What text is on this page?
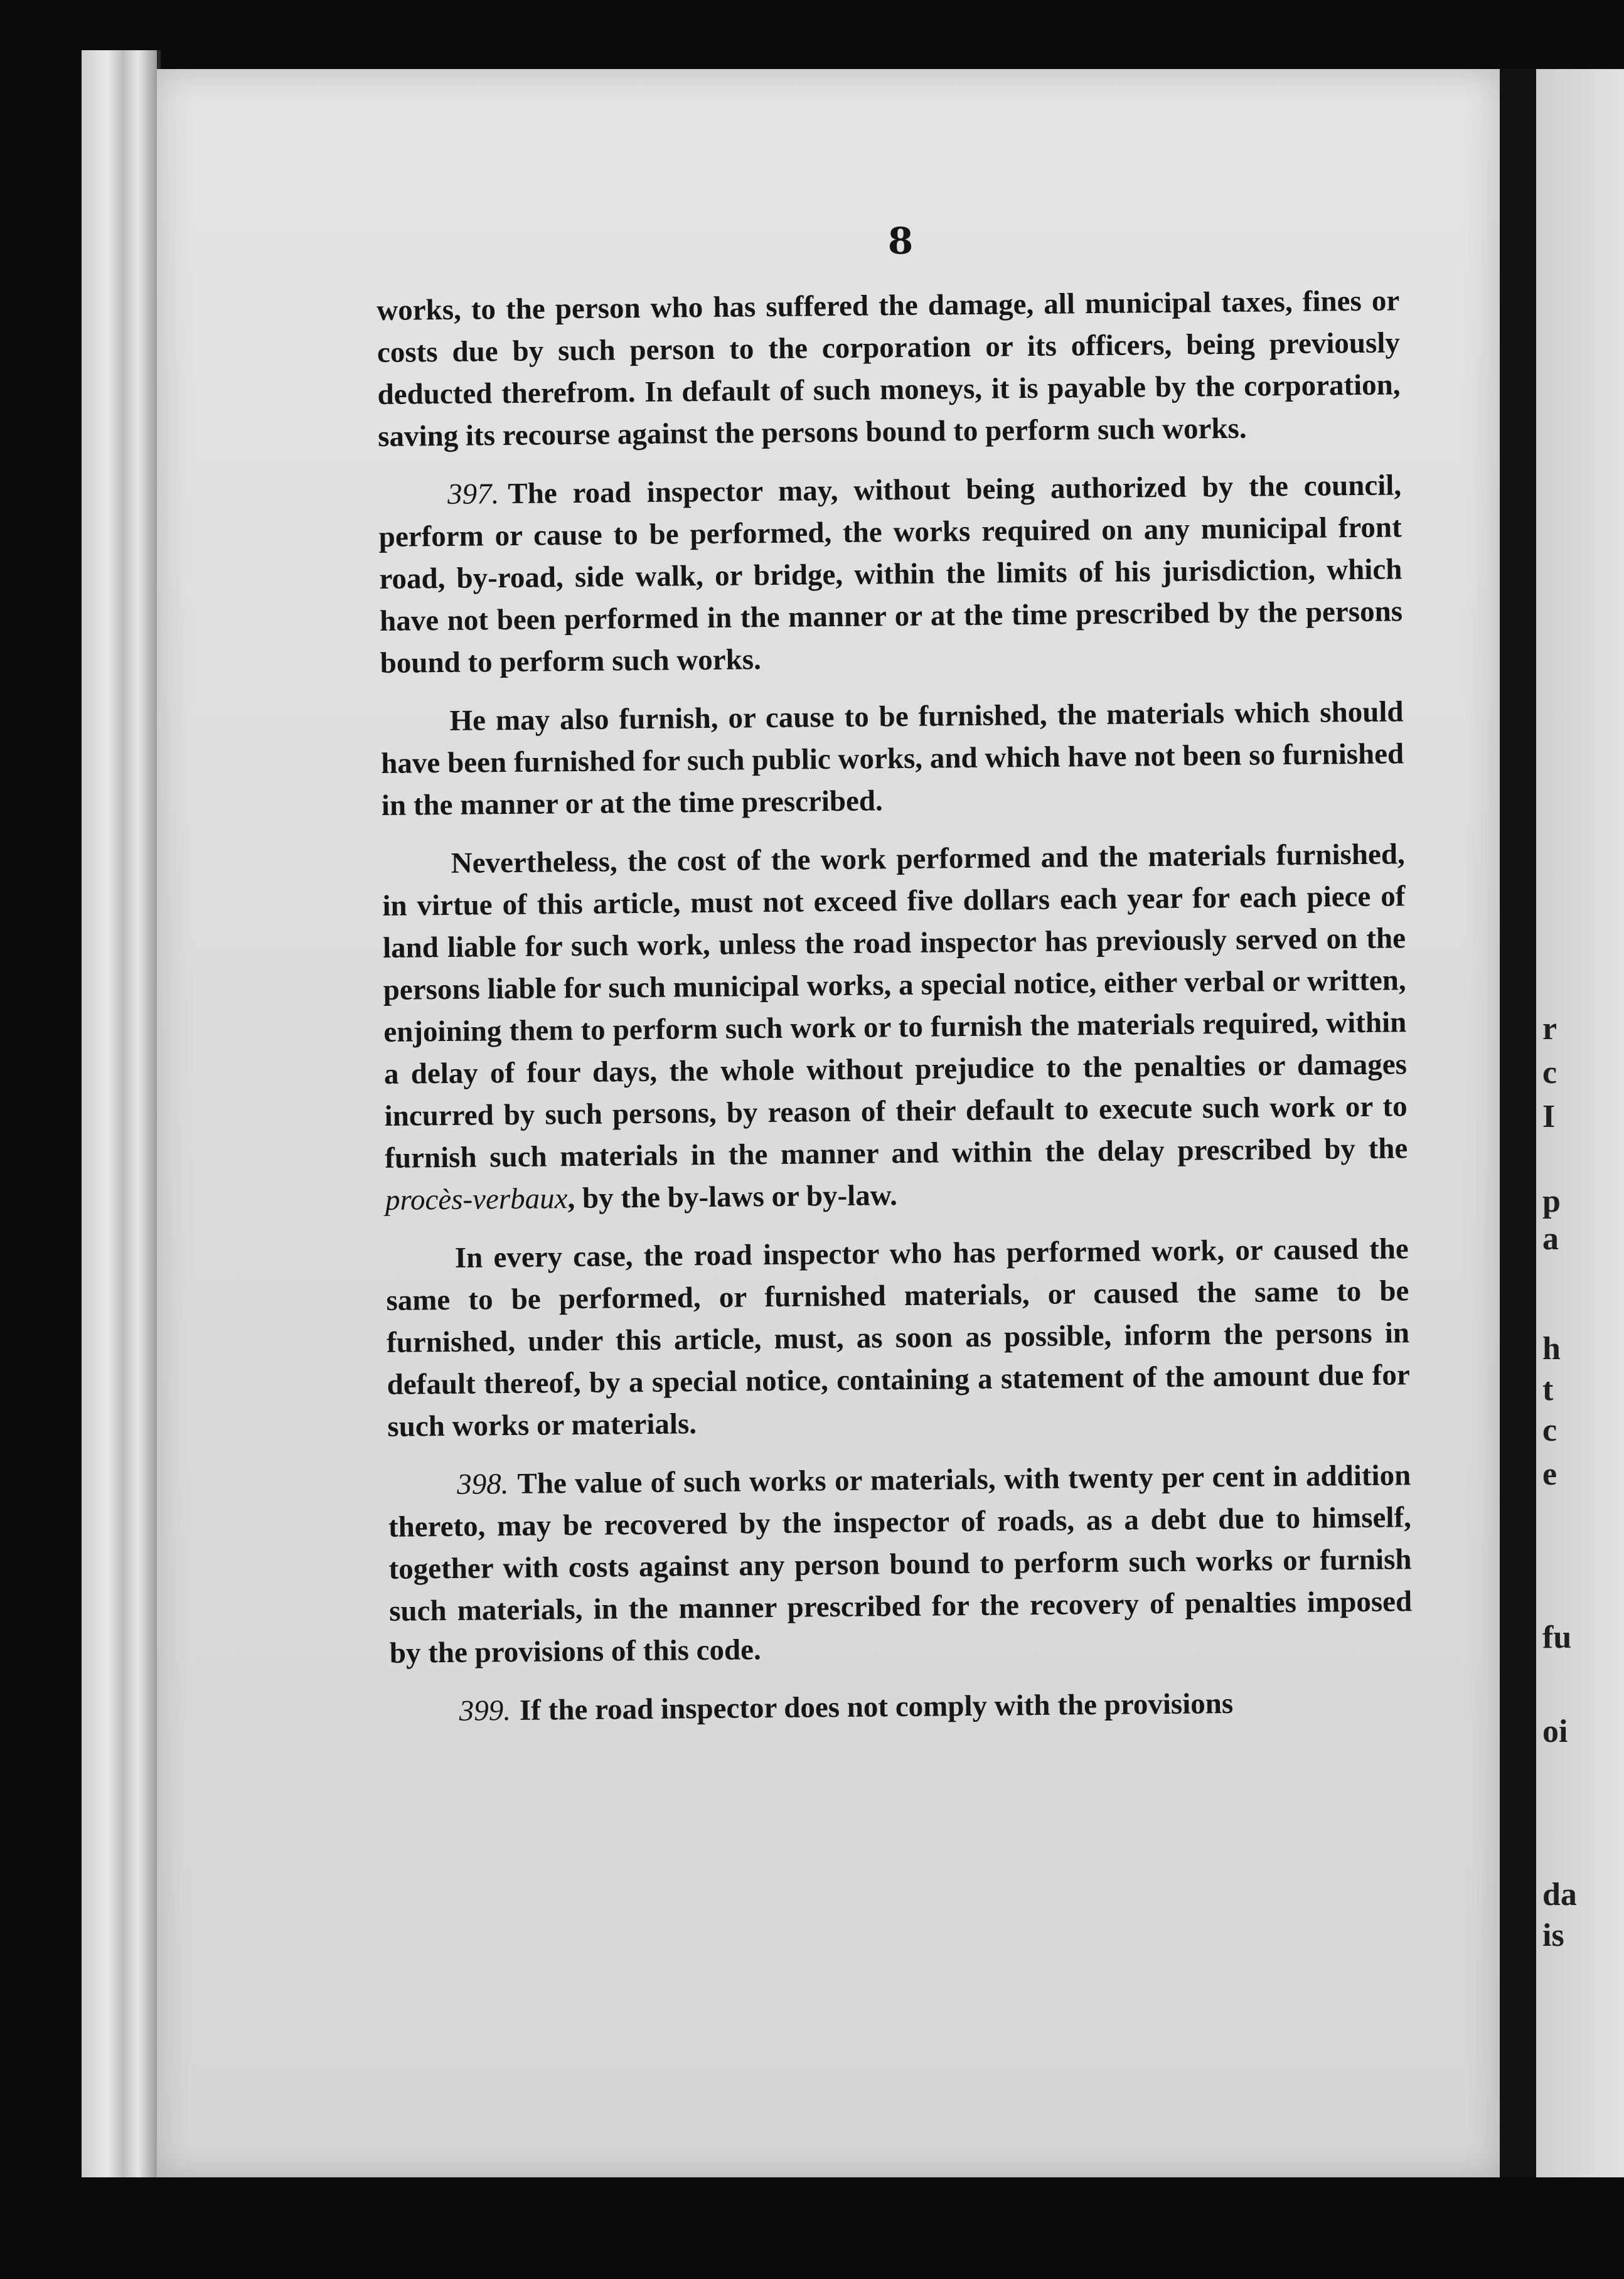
r
c
I
p
a
h
t
c
e
fu
oi
da
is
8

works, to the person who has suffered the damage, all municipal taxes, fines or costs due by such person to the corporation or its officers, being previously deducted therefrom. In default of such moneys, it is payable by the corporation, saving its recourse against the persons bound to perform such works.

397. The road inspector may, without being authorized by the council, perform or cause to be performed, the works required on any municipal front road, by-road, side walk, or bridge, within the limits of his jurisdiction, which have not been performed in the manner or at the time prescribed by the persons bound to perform such works.

He may also furnish, or cause to be furnished, the materials which should have been furnished for such public works, and which have not been so furnished in the manner or at the time prescribed.

Nevertheless, the cost of the work performed and the materials furnished, in virtue of this article, must not exceed five dollars each year for each piece of land liable for such work, unless the road inspector has previously served on the persons liable for such municipal works, a special notice, either verbal or written, enjoining them to perform such work or to furnish the materials required, within a delay of four days, the whole without prejudice to the penalties or damages incurred by such persons, by reason of their default to execute such work or to furnish such materials in the manner and within the delay prescribed by the procès-verbaux, by the by-laws or by-law.

In every case, the road inspector who has performed work, or caused the same to be performed, or furnished materials, or caused the same to be furnished, under this article, must, as soon as possible, inform the persons in default thereof, by a special notice, containing a statement of the amount due for such works or materials.

398. The value of such works or materials, with twenty per cent in addition thereto, may be recovered by the inspector of roads, as a debt due to himself, together with costs against any person bound to perform such works or furnish such materials, in the manner prescribed for the recovery of penalties imposed by the provisions of this code.

399. If the road inspector does not comply with the provisions
